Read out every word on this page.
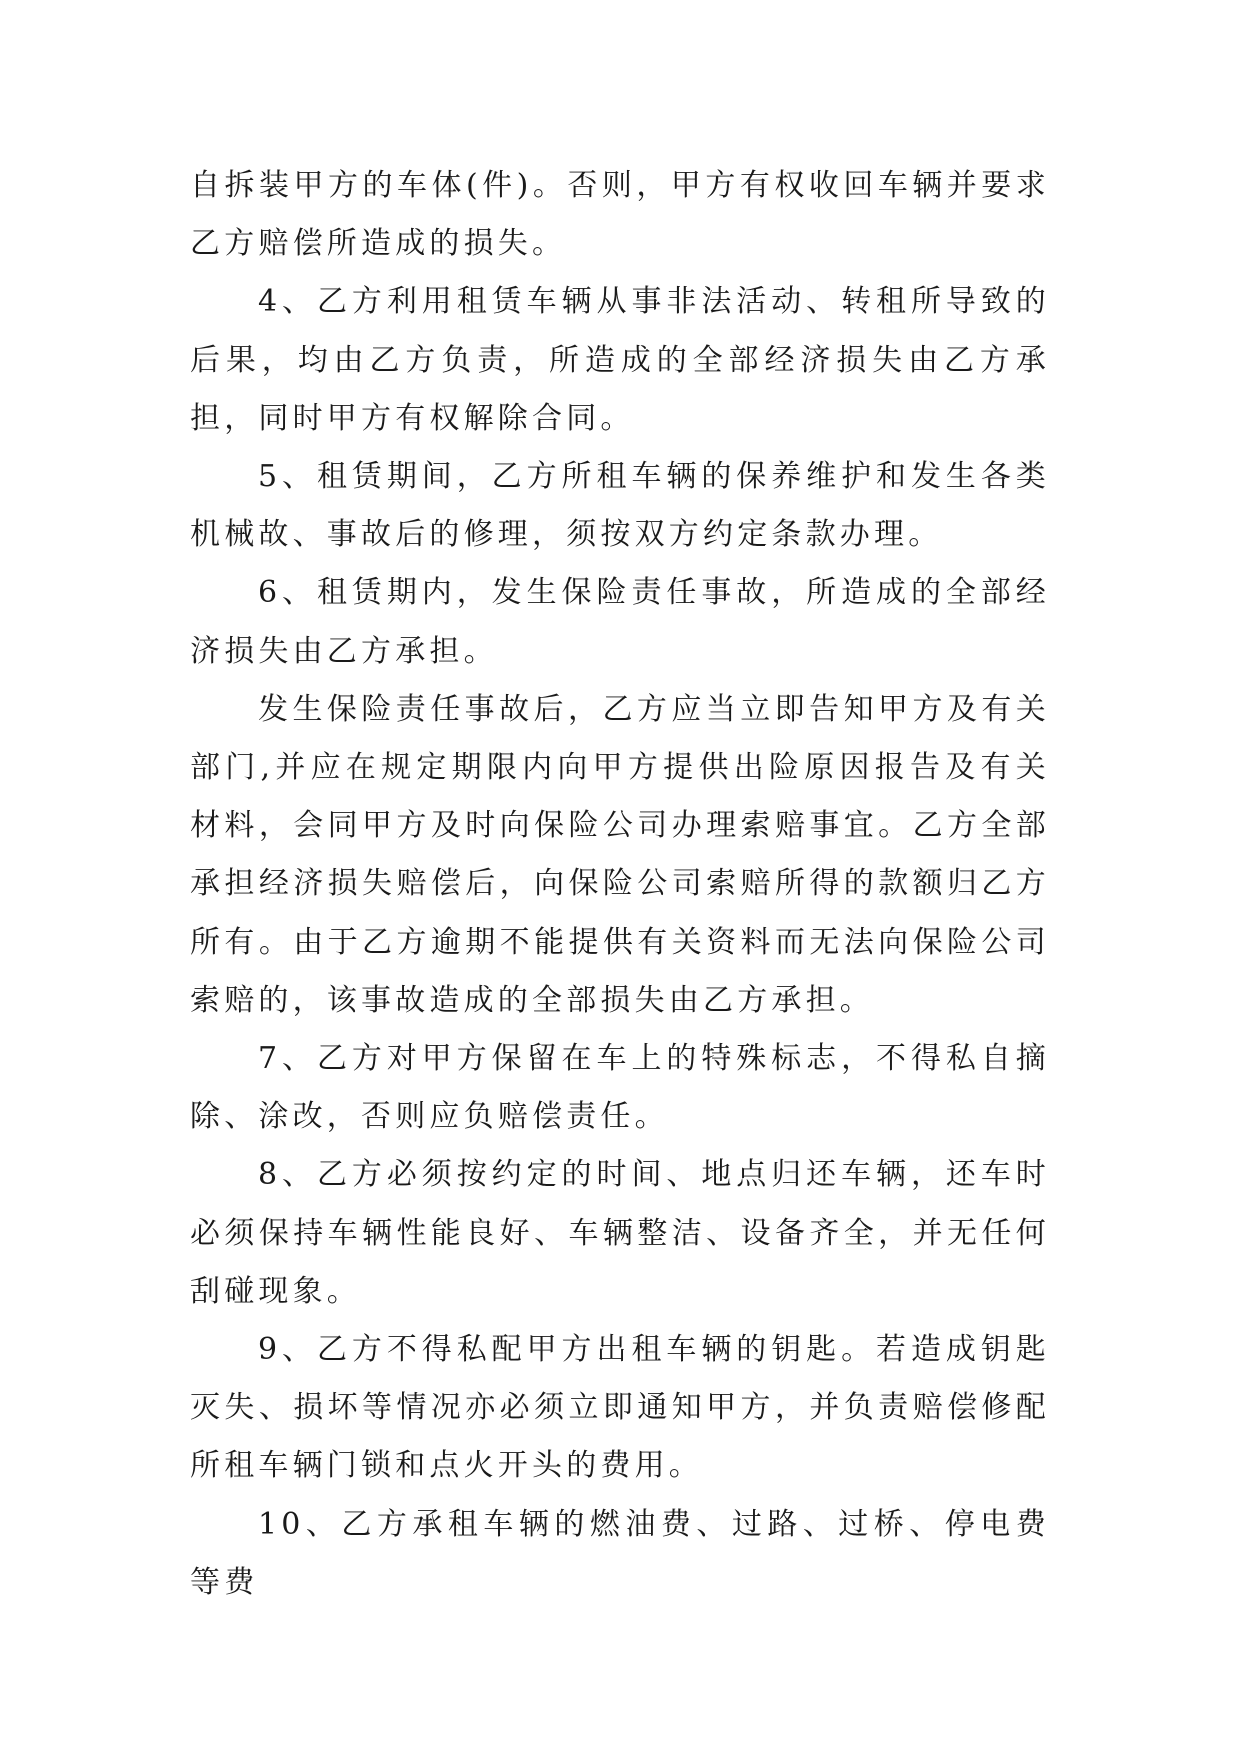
自拆装甲方的车体(件)。否则，甲方有权收回车辆并要求乙方赔偿所造成的损失。

4、乙方利用租赁车辆从事非法活动、转租所导致的后果，均由乙方负责，所造成的全部经济损失由乙方承担，同时甲方有权解除合同。

5、租赁期间，乙方所租车辆的保养维护和发生各类机械故、事故后的修理，须按双方约定条款办理。

6、租赁期内，发生保险责任事故，所造成的全部经济损失由乙方承担。

发生保险责任事故后，乙方应当立即告知甲方及有关部门,并应在规定期限内向甲方提供出险原因报告及有关材料，会同甲方及时向保险公司办理索赔事宜。乙方全部承担经济损失赔偿后，向保险公司索赔所得的款额归乙方所有。由于乙方逾期不能提供有关资料而无法向保险公司索赔的，该事故造成的全部损失由乙方承担。

7、乙方对甲方保留在车上的特殊标志，不得私自摘除、涂改，否则应负赔偿责任。

8、乙方必须按约定的时间、地点归还车辆，还车时必须保持车辆性能良好、车辆整洁、设备齐全，并无任何刮碰现象。

9、乙方不得私配甲方出租车辆的钥匙。若造成钥匙灭失、损坏等情况亦必须立即通知甲方，并负责赔偿修配所租车辆门锁和点火开头的费用。

10、乙方承租车辆的燃油费、过路、过桥、停电费等费
